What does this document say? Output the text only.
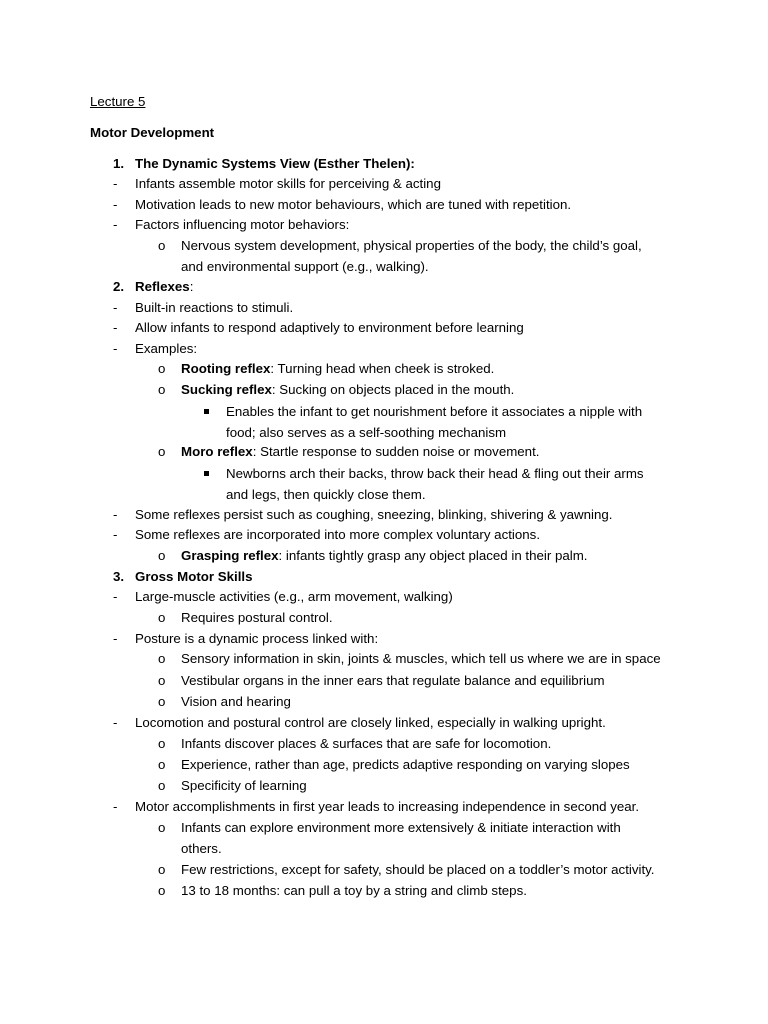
Lecture 5
Motor Development
1. The Dynamic Systems View (Esther Thelen):
- Infants assemble motor skills for perceiving & acting
- Motivation leads to new motor behaviours, which are tuned with repetition.
- Factors influencing motor behaviors:
o Nervous system development, physical properties of the body, the child’s goal,
and environmental support (e.g., walking).
2. Reflexes:
- Built-in reactions to stimuli.
- Allow infants to respond adaptively to environment before learning
- Examples:
o Rooting reflex: Turning head when cheek is stroked.
o Sucking reflex: Sucking on objects placed in the mouth.
Enables the infant to get nourishment before it associates a nipple with
food; also serves as a self-soothing mechanism
o Moro reflex: Startle response to sudden noise or movement.
Newborns arch their backs, throw back their head & fling out their arms
and legs, then quickly close them.
- Some reflexes persist such as coughing, sneezing, blinking, shivering & yawning.
- Some reflexes are incorporated into more complex voluntary actions.
o Grasping reflex: infants tightly grasp any object placed in their palm.
3. Gross Motor Skills
- Large-muscle activities (e.g., arm movement, walking)
o Requires postural control.
- Posture is a dynamic process linked with:
o Sensory information in skin, joints & muscles, which tell us where we are in space
o Vestibular organs in the inner ears that regulate balance and equilibrium
o Vision and hearing
- Locomotion and postural control are closely linked, especially in walking upright.
o Infants discover places & surfaces that are safe for locomotion.
o Experience, rather than age, predicts adaptive responding on varying slopes
o Specificity of learning
- Motor accomplishments in first year leads to increasing independence in second year.
o Infants can explore environment more extensively & initiate interaction with
others.
o Few restrictions, except for safety, should be placed on a toddler’s motor activity.
o 13 to 18 months: can pull a toy by a string and climb steps.
